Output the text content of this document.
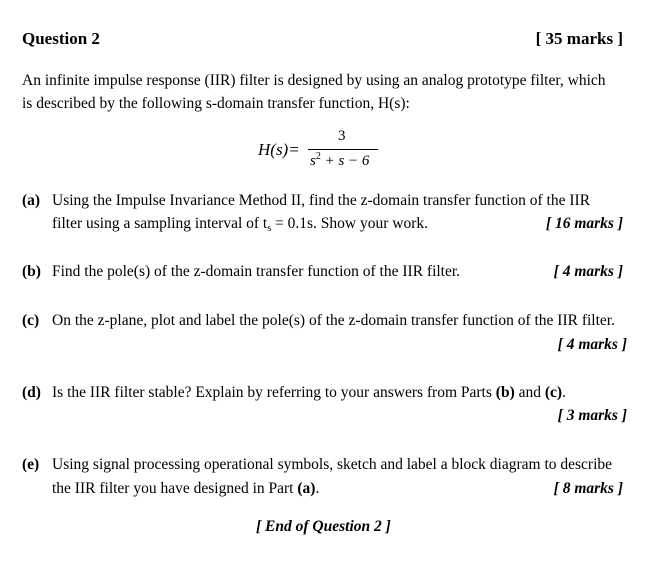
Question 2	[ 35 marks ]
An infinite impulse response (IIR) filter is designed by using an analog prototype filter, which
is described by the following s-domain transfer function, H(s):
H(s)=
3
$s^2 + s - 6$
(a) Using the Impulse Invariance Method II, find the z-domain transfer function of the IIR
filter using a sampling interval of $t_s = 0.1s$. Show your work.	[ 16 marks ]
(b) Find the pole(s) of the z-domain transfer function of the IIR filter.	[ 4 marks ]
(c) On the z-plane, plot and label the pole(s) of the z-domain transfer function of the IIR filter.
[ 4 marks ]
(d) Is the IIR filter stable? Explain by referring to your answers from Parts (b) and (c).
[ 3 marks ]
(e) Using signal processing operational symbols, sketch and label a block diagram to describe
the IIR filter you have designed in Part (a).	[ 8 marks ]
[ End of Question 2 ]
